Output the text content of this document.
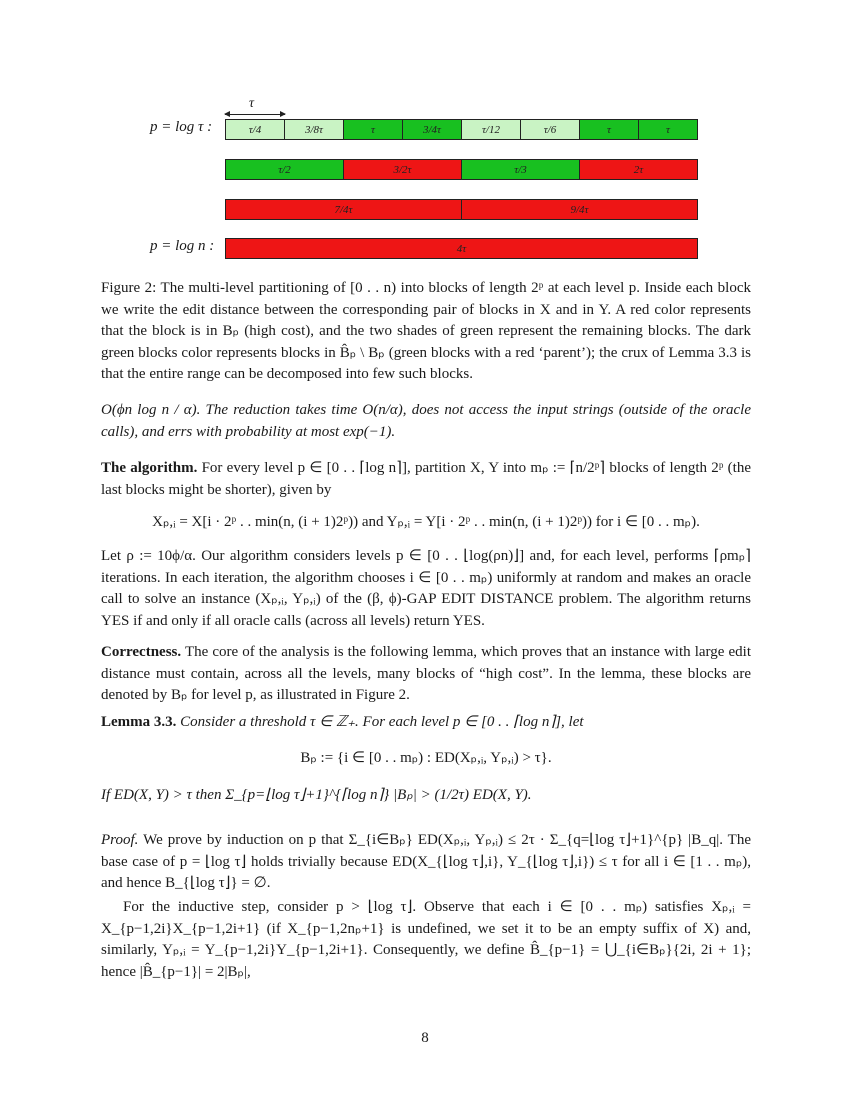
τ
p = log τ :
p = log n :
τ/4	3/8τ	τ	3/4τ	τ/12	τ/6	τ	τ
τ/2	3/2τ	τ/3	2τ
7/4τ	9/4τ
4τ

Figure 2: The multi-level partitioning of [0 . . n) into blocks of length 2ᵖ at each level p. Inside each block we write the edit distance between the corresponding pair of blocks in X and in Y. A red color represents that the block is in Bₚ (high cost), and the two shades of green represent the remaining blocks. The dark green blocks color represents blocks in B̂ₚ \ Bₚ (green blocks with a red ‘parent’); the crux of Lemma 3.3 is that the entire range can be decomposed into few such blocks.

O(ϕn log n / α). The reduction takes time O(n/α), does not access the input strings (outside of the oracle calls), and errs with probability at most exp(−1).

The algorithm. For every level p ∈ [0 . . ⌈log n⌉], partition X, Y into mₚ := ⌈n/2ᵖ⌉ blocks of length 2ᵖ (the last blocks might be shorter), given by

Xₚ,ᵢ = X[i · 2ᵖ . . min(n, (i + 1)2ᵖ)) and Yₚ,ᵢ = Y[i · 2ᵖ . . min(n, (i + 1)2ᵖ)) for i ∈ [0 . . mₚ).

Let ρ := 10ϕ/α. Our algorithm considers levels p ∈ [0 . . ⌊log(ρn)⌋] and, for each level, performs ⌈ρmₚ⌉ iterations. In each iteration, the algorithm chooses i ∈ [0 . . mₚ) uniformly at random and makes an oracle call to solve an instance (Xₚ,ᵢ, Yₚ,ᵢ) of the (β, ϕ)-GAP EDIT DISTANCE problem. The algorithm returns YES if and only if all oracle calls (across all levels) return YES.

Correctness. The core of the analysis is the following lemma, which proves that an instance with large edit distance must contain, across all the levels, many blocks of “high cost”. In the lemma, these blocks are denoted by Bₚ for level p, as illustrated in Figure 2.

Lemma 3.3. Consider a threshold τ ∈ ℤ₊. For each level p ∈ [0 . . ⌈log n⌉], let

Bₚ := {i ∈ [0 . . mₚ) : ED(Xₚ,ᵢ, Yₚ,ᵢ) > τ}.

If ED(X, Y) > τ then Σ_{p=⌊log τ⌋+1}^{⌈log n⌉} |Bₚ| > (1/2τ) ED(X, Y).

Proof. We prove by induction on p that Σ_{i∈Bₚ} ED(Xₚ,ᵢ, Yₚ,ᵢ) ≤ 2τ · Σ_{q=⌊log τ⌋+1}^{p} |B_q|. The base case of p = ⌊log τ⌋ holds trivially because ED(X_{⌊log τ⌋,i}, Y_{⌊log τ⌋,i}) ≤ τ for all i ∈ [1 . . mₚ), and hence B_{⌊log τ⌋} = ∅.

For the inductive step, consider p > ⌊log τ⌋. Observe that each i ∈ [0 . . mₚ) satisfies Xₚ,ᵢ = X_{p−1,2i}X_{p−1,2i+1} (if X_{p−1,2nₚ+1} is undefined, we set it to be an empty suffix of X) and, similarly, Yₚ,ᵢ = Y_{p−1,2i}Y_{p−1,2i+1}. Consequently, we define B̂_{p−1} = ⋃_{i∈Bₚ}{2i, 2i + 1}; hence |B̂_{p−1}| = 2|Bₚ|,

8
